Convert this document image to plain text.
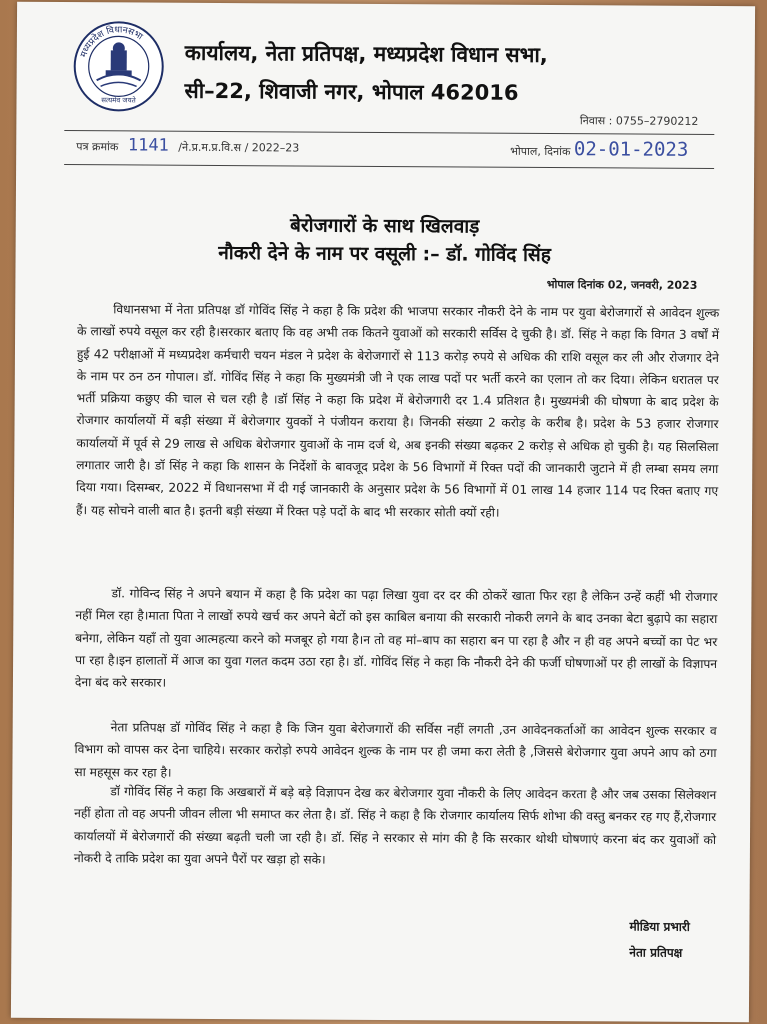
मध्यप्रदेश विधानसभा
सत्यमेव जयते
कार्यालय, नेता प्रतिपक्ष, मध्यप्रदेश विधान सभा,
सी–22, शिवाजी नगर, भोपाल 462016
निवास : 0755–2790212
पत्र क्रमांक 1141 /ने.प्र.म.प्र.वि.स / 2022–23	भोपाल, दिनांक 02-01-2023
बेरोजगारों के साथ खिलवाड़
नौकरी देने के नाम पर वसूली :– डॉ. गोविंद सिंह
भोपाल दिनांक 02, जनवरी, 2023

विधानसभा में नेता प्रतिपक्ष डॉ गोविंद सिंह ने कहा है कि प्रदेश की भाजपा सरकार नौकरी देने के नाम पर युवा बेरोजगारों से आवेदन शुल्क के लाखों रुपये वसूल कर रही है।सरकार बताए कि वह अभी तक कितने युवाओं को सरकारी सर्विस दे चुकी है। डॉ. सिंह ने कहा कि विगत 3 वर्षों में हुई 42 परीक्षाओं में मध्यप्रदेश कर्मचारी चयन मंडल ने प्रदेश के बेरोजगारों से 113 करोड़ रुपये से अधिक की राशि वसूल कर ली और रोजगार देने के नाम पर ठन ठन गोपाल। डॉ. गोविंद सिंह ने कहा कि मुख्यमंत्री जी ने एक लाख पदों पर भर्ती करने का एलान तो कर दिया। लेकिन धरातल पर भर्ती प्रक्रिया कछुए की चाल से चल रही है ।डॉ सिंह ने कहा कि प्रदेश में बेरोजगारी दर 1.4 प्रतिशत है। मुख्यमंत्री की घोषणा के बाद प्रदेश के रोजगार कार्यालयों में बड़ी संख्या में बेरोजगार युवकों ने पंजीयन कराया है। जिनकी संख्या 2 करोड़ के करीब है। प्रदेश के 53 हजार रोजगार कार्यालयों में पूर्व से 29 लाख से अधिक बेरोजगार युवाओं के नाम दर्ज थे, अब इनकी संख्या बढ़कर 2 करोड़ से अधिक हो चुकी है। यह सिलसिला लगातार जारी है। डॉ सिंह ने कहा कि शासन के निर्देशों के बावजूद प्रदेश के 56 विभागों में रिक्त पदों की जानकारी जुटाने में ही लम्बा समय लगा दिया गया। दिसम्बर, 2022 में विधानसभा में दी गई जानकारी के अनुसार प्रदेश के 56 विभागों में 01 लाख 14 हजार 114 पद रिक्त बताए गए हैं। यह सोचने वाली बात है। इतनी बड़ी संख्या में रिक्त पड़े पदों के बाद भी सरकार सोती क्यों रही।

डॉ. गोविन्द सिंह ने अपने बयान में कहा है कि प्रदेश का पढ़ा लिखा युवा दर दर की ठोकरें खाता फिर रहा है लेकिन उन्हें कहीं भी रोजगार नहीं मिल रहा है।माता पिता ने लाखों रुपये खर्च कर अपने बेटों को इस काबिल बनाया की सरकारी नोकरी लगने के बाद उनका बेटा बुढ़ापे का सहारा बनेगा, लेकिन यहाँ तो युवा आत्महत्या करने को मजबूर हो गया है।न तो वह मां–बाप का सहारा बन पा रहा है और न ही वह अपने बच्चों का पेट भर पा रहा है।इन हालातों में आज का युवा गलत कदम उठा रहा है। डॉ. गोविंद सिंह ने कहा कि नौकरी देने की फर्जी घोषणाओं पर ही लाखों के विज्ञापन देना बंद करे सरकार।

नेता प्रतिपक्ष डॉ गोविंद सिंह ने कहा है कि जिन युवा बेरोजगारों की सर्विस नहीं लगती ,उन आवेदनकर्ताओं का आवेदन शुल्क सरकार व विभाग को वापस कर देना चाहिये। सरकार करोड़ो रुपये आवेदन शुल्क के नाम पर ही जमा करा लेती है ,जिससे बेरोजगार युवा अपने आप को ठगा सा महसूस कर रहा है।

डॉ गोविंद सिंह ने कहा कि अखबारों में बड़े बड़े विज्ञापन देख कर बेरोजगार युवा नौकरी के लिए आवेदन करता है और जब उसका सिलेक्शन नहीं होता तो वह अपनी जीवन लीला भी समाप्त कर लेता है। डॉ. सिंह ने कहा है कि रोजगार कार्यालय सिर्फ शोभा की वस्तु बनकर रह गए हैं,रोजगार कार्यालयों में बेरोजगारों की संख्या बढ़ती चली जा रही है। डॉ. सिंह ने सरकार से मांग की है कि सरकार थोथी घोषणाएं करना बंद कर युवाओं को नोकरी दे ताकि प्रदेश का युवा अपने पैरों पर खड़ा हो सके।

मीडिया प्रभारी
नेता प्रतिपक्ष
